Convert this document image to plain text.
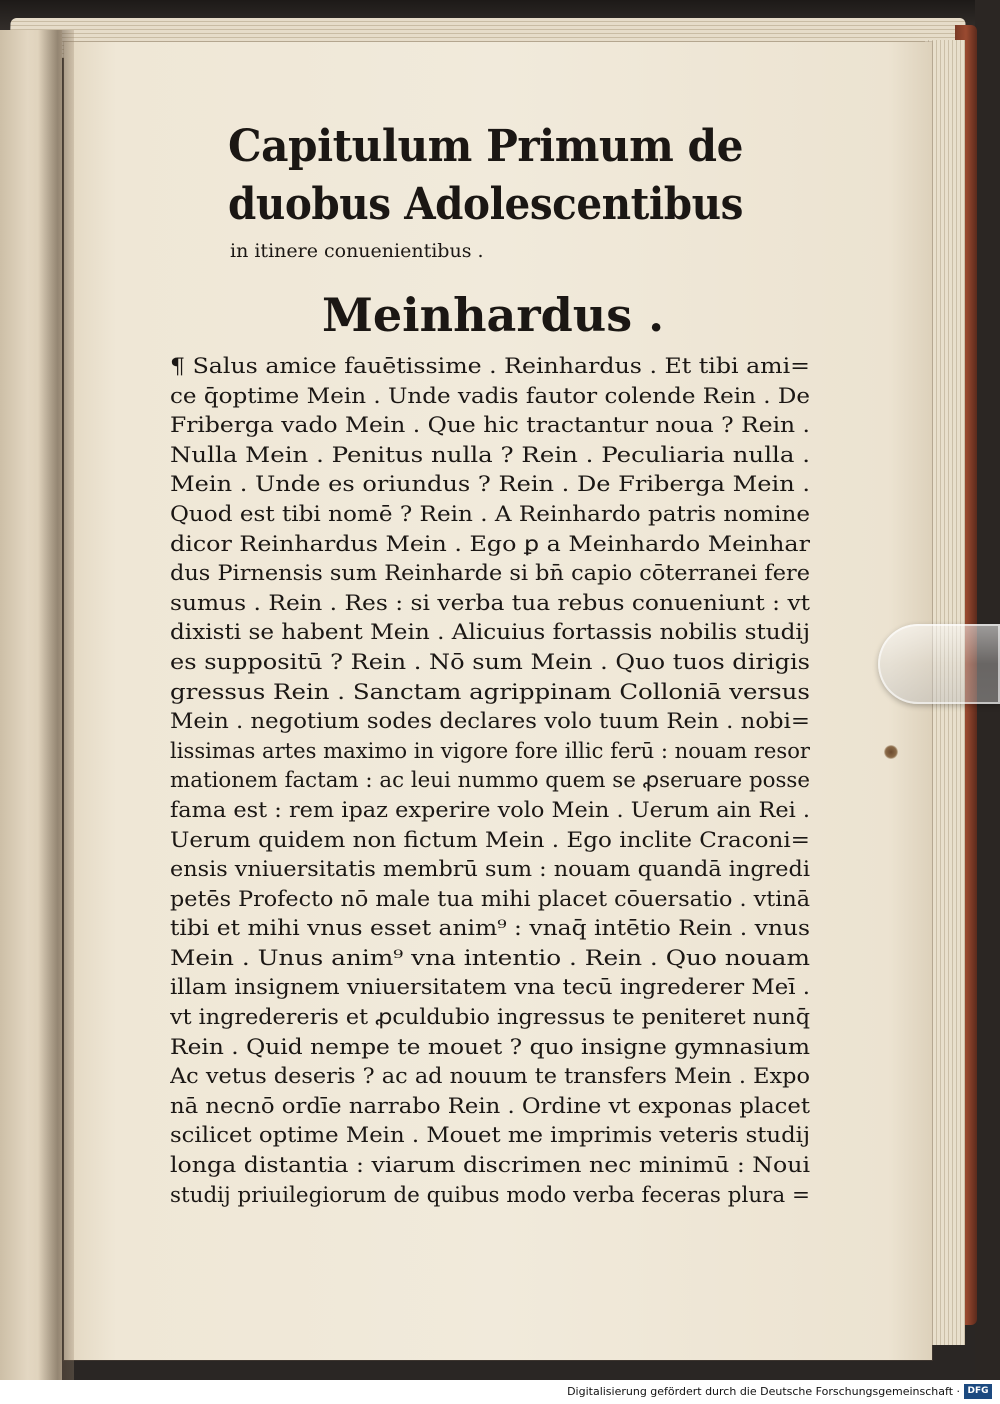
Capitulum Primum de
duobus Adolescentibus

in itinere conuenientibus .

Meinhardus .
¶ Salus amice fauētissime . Reinhardus . Et tibi ami=
ce q̄optime Mein . Unde vadis fautor colende Rein . De
Friberga vado Mein . Que hic tractantur noua ? Rein .
Nulla Mein . Penitus nulla ? Rein . Peculiaria nulla .
Mein . Unde es oriundus ? Rein . De Friberga Mein .
Quod est tibi nomē ? Rein . A Reinhardo patris nomine
dicor Reinhardus Mein . Ego ꝑ a Meinhardo Meinhar
dus Pirnensis sum Reinharde si bn̄ capio cōterranei fere
sumus . Rein . Res : si verba tua rebus conueniunt : vt
dixisti se habent Mein . Alicuius fortassis nobilis studij
es suppositū ? Rein . Nō sum Mein . Quo tuos dirigis
gressus Rein . Sanctam agrippinam Colloniā versus
Mein . negotium sodes declares volo tuum Rein . nobi=
lissimas artes maximo in vigore fore illic ferū : nouam resor
mationem factam : ac leui nummo quem se ꝓseruare posse
fama est : rem ipaz experire volo Mein . Uerum ain Rei .
Uerum quidem non fictum Mein . Ego inclite Craconi=
ensis vniuersitatis membrū sum : nouam quandā ingredi
petēs Profecto nō male tua mihi placet cōuersatio . vtinā
tibi et mihi vnus esset anim⁹ : vnaq̄ intētio Rein . vnus
Mein . Unus anim⁹ vna intentio . Rein . Quo nouam
illam insignem vniuersitatem vna tecū ingrederer Meī .
vt ingredereris et ꝓculdubio ingressus te peniteret nunq̄
Rein . Quid nempe te mouet ? quo insigne gymnasium
Ac vetus deseris ? ac ad nouum te transfers Mein . Expo
nā necnō ordīe narrabo Rein . Ordine vt exponas placet
scilicet optime Mein . Mouet me imprimis veteris studij
longa distantia : viarum discrimen nec minimū : Noui
studij priuilegiorum de quibus modo verba feceras plura =
Digitalisierung gefördert durch die Deutsche Forschungsgemeinschaft · DFG
